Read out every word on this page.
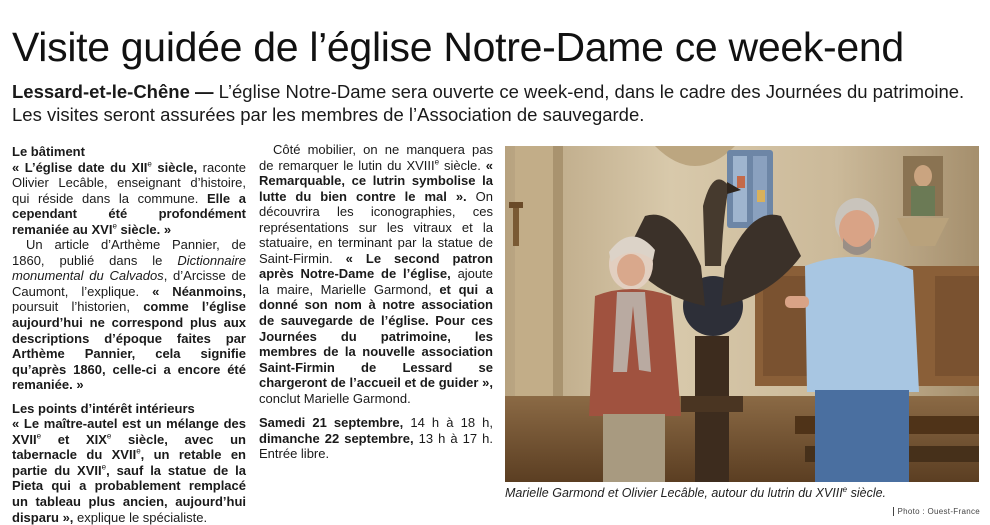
Visite guidée de l’église Notre-Dame ce week-end
Lessard-et-le-Chêne — L’église Notre-Dame sera ouverte ce week-end, dans le cadre des Journées du patrimoine. Les visites seront assurées par les membres de l’Association de sauvegarde.
Le bâtiment

« L’église date du XIIe siècle, raconte Olivier Lecâble, enseignant d’histoire, qui réside dans la commune. Elle a cependant été profondément remaniée au XVIe siècle. »

Un article d’Arthème Pannier, de 1860, publié dans le Dictionnaire monumental du Calvados, d’Arcisse de Caumont, l’explique. « Néanmoins, poursuit l’historien, comme l’église aujourd’hui ne correspond plus aux descriptions d’époque faites par Arthème Pannier, cela signifie qu’après 1860, celle-ci a encore été remaniée. »

Les points d’intérêt intérieurs

« Le maître-autel est un mélange des XVIIe et XIXe siècle, avec un tabernacle du XVIIe, un retable en partie du XVIIe, sauf la statue de la Pieta qui a probablement remplacé un tableau plus ancien, aujourd’hui disparu », explique le spécialiste.

Côté mobilier, on ne manquera pas de remarquer le lutin du XVIIIe siècle. « Remarquable, ce lutrin symbolise la lutte du bien contre le mal ». On découvrira les iconographies, ces représentations sur les vitraux et la statuaire, en terminant par la statue de Saint-Firmin. « Le second patron après Notre-Dame de l’église, ajoute la maire, Marielle Garmond, et qui a donné son nom à notre association de sauvegarde de l’église. Pour ces Journées du patrimoine, les membres de la nouvelle association Saint-Firmin de Lessard se chargeront de l’accueil et de guider », conclut Marielle Garmond.

Samedi 21 septembre, 14 h à 18 h, dimanche 22 septembre, 13 h à 17 h. Entrée libre.

Marielle Garmond et Olivier Lecâble, autour du lutrin du XVIIIe siècle.
Photo : Ouest-France
